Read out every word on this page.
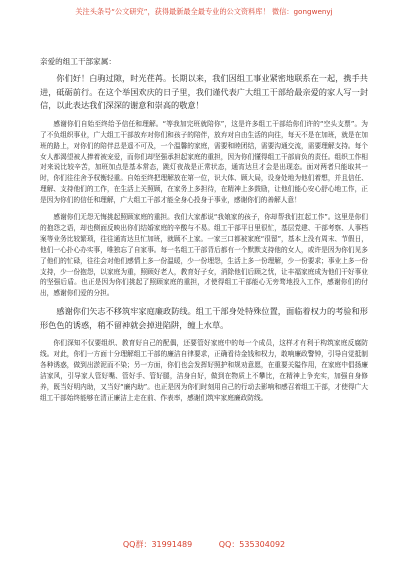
关注头条号“公文研究”，获得最新最全最专业的公文资料库！ 微信：gongwenyj

亲爱的组工干部家属：

你们好！白驹过隙，时光荏苒。长期以来，我们因组工事业紧密地联系在一起，携手共进，砥砺前行。在这个举国欢庆的日子里，我们谨代表广大组工干部给最亲爱的家人写一封信，以此表达我们深深的谢意和崇高的敬意！

感谢你们自始至终给予信任和理解。“等我加完班就陪你”，这是许多组工干部给你们许的“空头支票”。为了不负组织事业，广大组工干部放弃对你们和孩子的陪伴，放弃对自由生活的向往，每天不是在加班，就是在加班的路上，对你们的陪伴总是遥不可及，一个温馨的家庭，需要和睦团结，需要沟通交流，需要理解支持。每个女人都渴望被人捧着被宠爱，而你们却坚强承担起家庭的重担，因为你们懂得组工干部肩负的责任。组织工作相对来说比较辛苦，加班加点是基本常态，跳灯夜战是正常状态，通宵达旦才会是出现态。面对两者只能取其一时，你们往往舍予权衡轻重。自始至终把理解放在第一位，识大体、顾大局，设身处地为他们着想，并且信任、理解、支持他们的工作，在生活上关照顾，在家务上多担待，在精神上多鼓励，让他们能心安心舒心地工作，正是因为你们的信任和理解，广大组工干部才能全身心投身于事业，感谢你们的善解人意！

感谢你们无怨无悔挑起照顾家庭的重担。我们大家都说“我娘家的孩子，你却帮我们扛起工作”。这里是你们的抱怨之语，却也侧面反映出你们结婚家庭的辛酸与不易。组工干部平日里很忙，基层党建、干部考察、人事档案等业务比较繁琐，往往通宵达旦忙加班，就顾不上家。一家三口都被家庭“很留”，基本上没有周末、节假日，他们一心扑心办实事，唯独忘了自家事。每一名组工干部背后都有一个默默支持他的女人，或许是因为你们见多了他们的忙碌，往往会对他们感情上多一份温暖，少一份埋怨，生活上多一份理解，少一份要求；事业上多一份支持，少一份抱怨，以家庭为重，照顾好老人，教育好子女，消除他们后顾之忧，让丰福家庭成为他们干好事业的坚强后盾。也正是因为你们挑起了照顾家庭的重担，才使得组工干部能心无旁骛地投入工作，感谢你们的付出，感谢你们爱的分担。

感谢你们矢志不移筑牢家庭廉政防线。组工干部身处特殊位置，面临着权力的考验和形形色色的诱惑，稍不留神就会掉进陷阱，缠上水草。

你们深知不仅要组织、教育好自己的配偶，还要管好家庭中的每一个成员，这样才有利于构筑家庭反腐防线。对此，你们一方面十分理解组工干部的廉洁自律要求，正确看待金钱和权力，敢响廉政警钟，引导自觉抵制各种诱惑，做到出淤泥而不染；另一方面，你们也会发挥好照护和规劝意愿，在重要关隘作用，在家庭中倡扬廉洁家风，引导家人管好嘴、管好手、管好腿，洁身自好，做到在物质上不攀比，在精神上争充实，加强自身修养，既当好明内助，又当好“廉内助”。也正是因为你们时刻用自己的行动去影响和感召着组工干部，才使得广大组工干部始终能够在清正廉洁上走在前、作表率，感谢们筑牢家庭廉政防线。

QQ群：31991489	QQ：535304092
